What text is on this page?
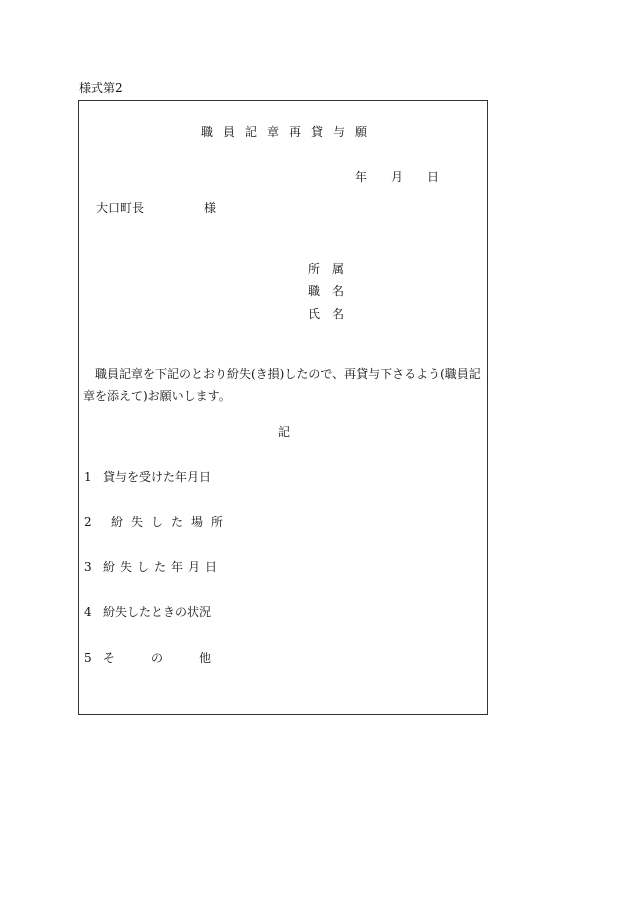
様式第2
職 員 記 章 再 貸 与 願
年 月 日
大口町長	様
所 属
職 名
氏 名
職員記章を下記のとおり紛失(き損)したので、再貸与下さるよう(職員記章を添えて)お願いします。
記
1 貸与を受けた年月日
2 紛失した場所
3 紛失した年月日
4 紛失したときの状況
5 その他
